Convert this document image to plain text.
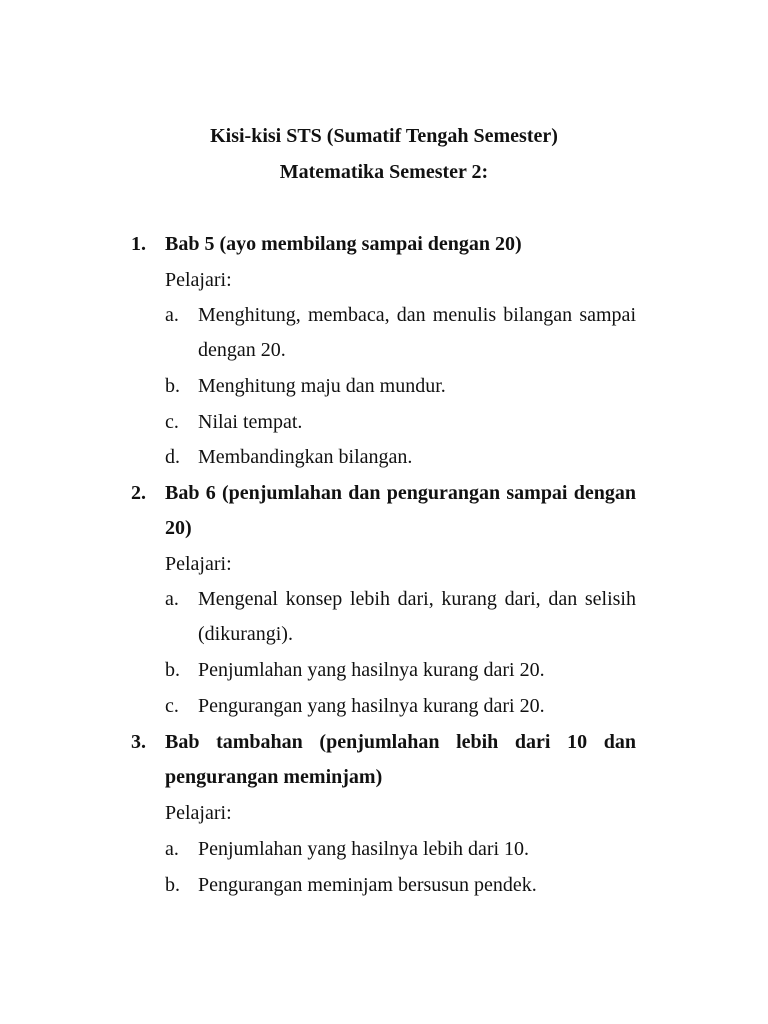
Kisi-kisi STS (Sumatif Tengah Semester)
Matematika Semester 2:
1. Bab 5 (ayo membilang sampai dengan 20)
Pelajari:
a. Menghitung, membaca, dan menulis bilangan sampai dengan 20.
b. Menghitung maju dan mundur.
c. Nilai tempat.
d. Membandingkan bilangan.
2. Bab 6 (penjumlahan dan pengurangan sampai dengan 20)
Pelajari:
a. Mengenal konsep lebih dari, kurang dari, dan selisih (dikurangi).
b. Penjumlahan yang hasilnya kurang dari 20.
c. Pengurangan yang hasilnya kurang dari 20.
3. Bab tambahan (penjumlahan lebih dari 10 dan pengurangan meminjam)
Pelajari:
a. Penjumlahan yang hasilnya lebih dari 10.
b. Pengurangan meminjam bersusun pendek.
